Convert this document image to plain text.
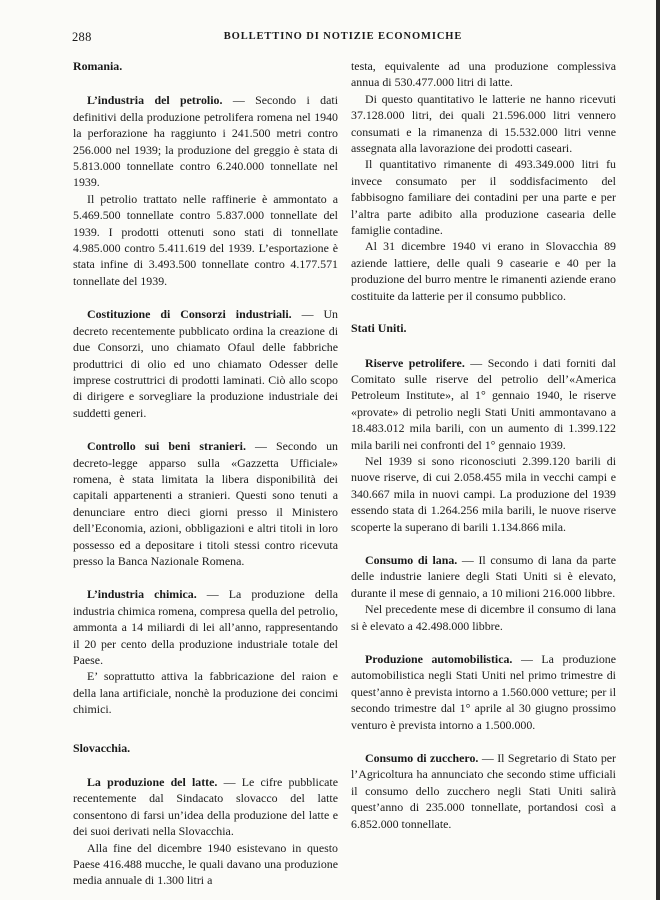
288	BOLLETTINO DI NOTIZIE ECONOMICHE

Romania.

L’industria del petrolio. — Secondo i dati definitivi della produzione petrolifera romena nel 1940 la perforazione ha raggiunto i 241.500 metri contro 256.000 nel 1939; la produzione del greggio è stata di 5.813.000 tonnellate contro 6.240.000 tonnellate nel 1939.

Il petrolio trattato nelle raffinerie è ammontato a 5.469.500 tonnellate contro 5.837.000 tonnellate del 1939. I prodotti ottenuti sono stati di tonnellate 4.985.000 contro 5.411.619 del 1939. L’esportazione è stata infine di 3.493.500 tonnellate contro 4.177.571 tonnellate del 1939.

Costituzione di Consorzi industriali. — Un decreto recentemente pubblicato ordina la creazione di due Consorzi, uno chiamato Ofaul delle fabbriche produttrici di olio ed uno chiamato Odesser delle imprese costruttrici di prodotti laminati. Ciò allo scopo di dirigere e sorvegliare la produzione industriale dei suddetti generi.

Controllo sui beni stranieri. — Secondo un decreto-legge apparso sulla «Gazzetta Ufficiale» romena, è stata limitata la libera disponibilità dei capitali appartenenti a stranieri. Questi sono tenuti a denunciare entro dieci giorni presso il Ministero dell’Economia, azioni, obbligazioni e altri titoli in loro possesso ed a depositare i titoli stessi contro ricevuta presso la Banca Nazionale Romena.

L’industria chimica. — La produzione della industria chimica romena, compresa quella del petrolio, ammonta a 14 miliardi di lei all’anno, rappresentando il 20 per cento della produzione industriale totale del Paese.

E’ soprattutto attiva la fabbricazione del raion e della lana artificiale, nonchè la produzione dei concimi chimici.

Slovacchia.

La produzione del latte. — Le cifre pubblicate recentemente dal Sindacato slovacco del latte consentono di farsi un’idea della produzione del latte e dei suoi derivati nella Slovacchia.

Alla fine del dicembre 1940 esistevano in questo Paese 416.488 mucche, le quali davano una produzione media annuale di 1.300 litri a

testa, equivalente ad una produzione complessiva annua di 530.477.000 litri di latte.

Di questo quantitativo le latterie ne hanno ricevuti 37.128.000 litri, dei quali 21.596.000 litri vennero consumati e la rimanenza di 15.532.000 litri venne assegnata alla lavorazione dei prodotti caseari.

Il quantitativo rimanente di 493.349.000 litri fu invece consumato per il soddisfacimento del fabbisogno familiare dei contadini per una parte e per l’altra parte adibito alla produzione casearia delle famiglie contadine.

Al 31 dicembre 1940 vi erano in Slovacchia 89 aziende lattiere, delle quali 9 casearie e 40 per la produzione del burro mentre le rimanenti aziende erano costituite da latterie per il consumo pubblico.

Stati Uniti.

Riserve petrolifere. — Secondo i dati forniti dal Comitato sulle riserve del petrolio dell’«America Petroleum Institute», al 1° gennaio 1940, le riserve «provate» di petrolio negli Stati Uniti ammontavano a 18.483.012 mila barili, con un aumento di 1.399.122 mila barili nei confronti del 1° gennaio 1939.

Nel 1939 si sono riconosciuti 2.399.120 barili di nuove riserve, di cui 2.058.455 mila in vecchi campi e 340.667 mila in nuovi campi. La produzione del 1939 essendo stata di 1.264.256 mila barili, le nuove riserve scoperte la superano di barili 1.134.866 mila.

Consumo di lana. — Il consumo di lana da parte delle industrie laniere degli Stati Uniti si è elevato, durante il mese di gennaio, a 10 milioni 216.000 libbre.

Nel precedente mese di dicembre il consumo di lana si è elevato a 42.498.000 libbre.

Produzione automobilistica. — La produzione automobilistica negli Stati Uniti nel primo trimestre di quest’anno è prevista intorno a 1.560.000 vetture; per il secondo trimestre dal 1° aprile al 30 giugno prossimo venturo è prevista intorno a 1.500.000.

Consumo di zucchero. — Il Segretario di Stato per l’Agricoltura ha annunciato che secondo stime ufficiali il consumo dello zucchero negli Stati Uniti salirà quest’anno di 235.000 tonnellate, portandosi così a 6.852.000 tonnellate.
